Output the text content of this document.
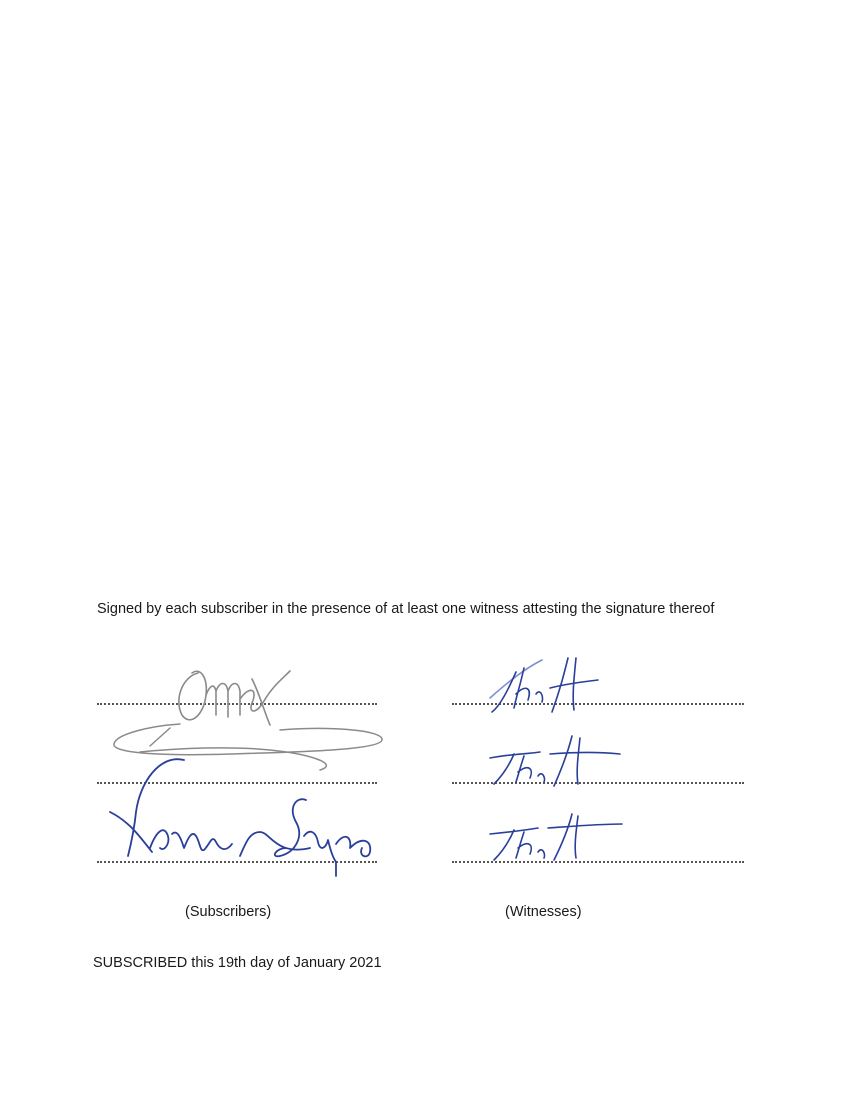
Signed by each subscriber in the presence of at least one witness attesting the signature thereof

(Subscribers)	(Witnesses)

SUBSCRIBED this 19th day of January 2021
